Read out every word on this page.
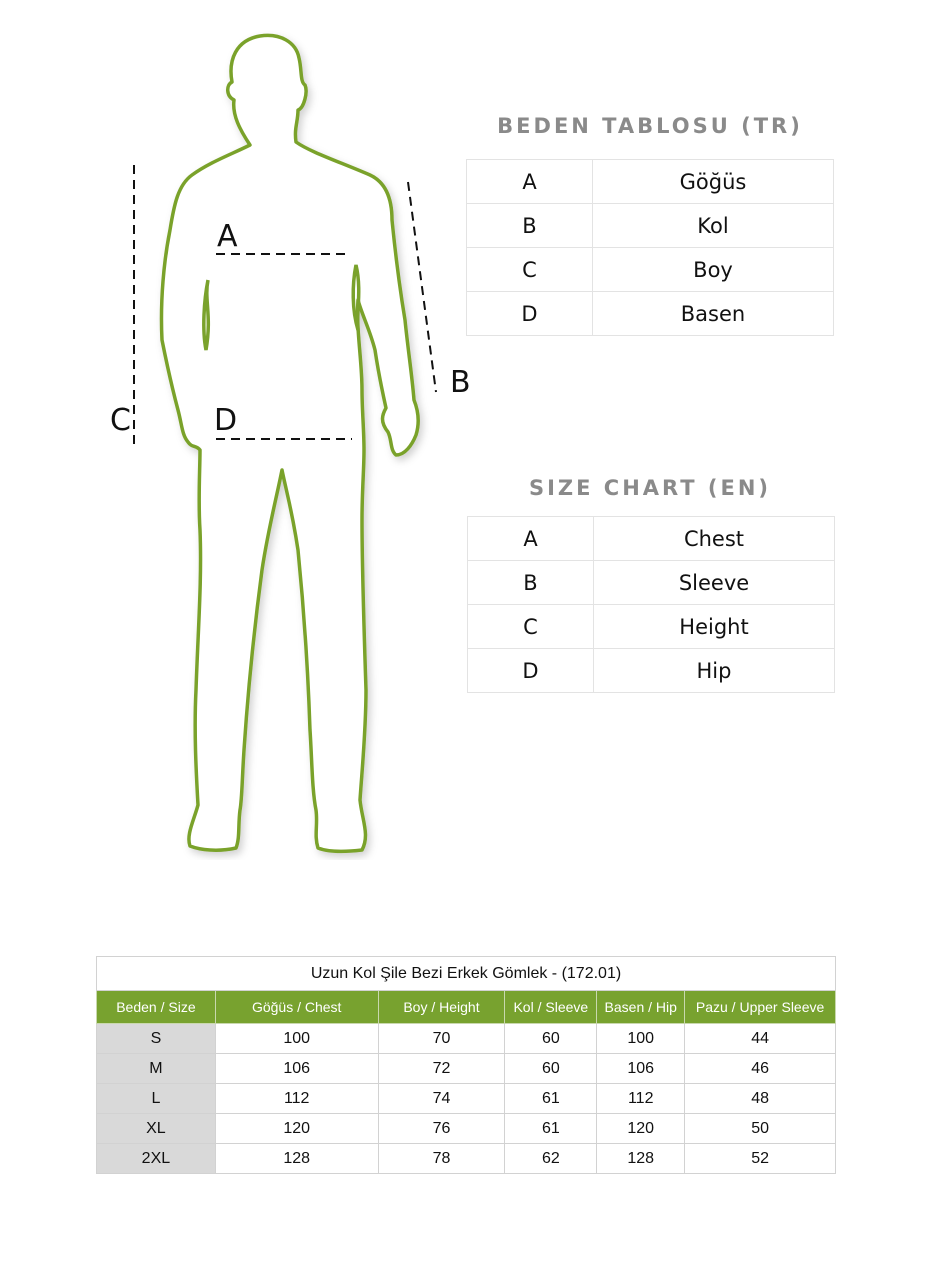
A
B
C	D
BEDEN TABLOSU (TR)
A	Göğüs
B	Kol
C	Boy
D	Basen
SIZE CHART (EN)
A	Chest
B	Sleeve
C	Height
D	Hip
Uzun Kol Şile Bezi Erkek Gömlek - (172.01)					
Beden / Size	Göğüs / Chest	Boy / Height	Kol / Sleeve	Basen / Hip	Pazu / Upper Sleeve
S	100	70	60	100	44
M	106	72	60	106	46
L	112	74	61	112	48
XL	120	76	61	120	50
2XL	128	78	62	128	52
